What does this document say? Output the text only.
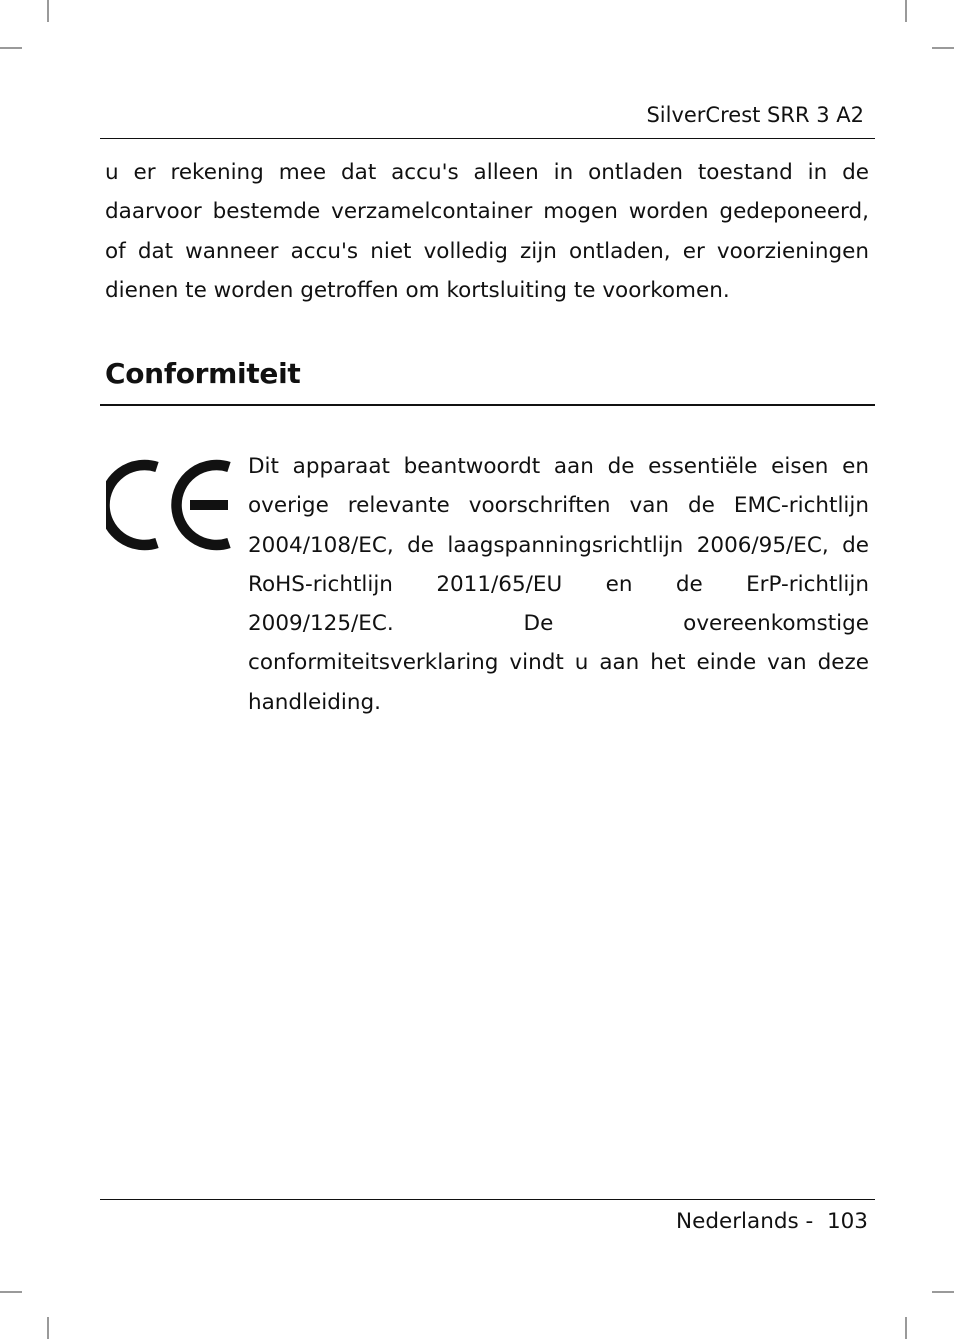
SilverCrest SRR 3 A2

u er rekening mee dat accu's alleen in ontladen toestand in de daarvoor bestemde verzamelcontainer mogen worden gedeponeerd, of dat wanneer accu's niet volledig zijn ontladen, er voorzieningen dienen te worden getroffen om kortsluiting te voorkomen.

Conformiteit

Dit apparaat beantwoordt aan de essentiële eisen en overige relevante voorschriften van de EMC-richtlijn 2004/108/EC, de laagspanningsrichtlijn 2006/95/EC, de RoHS-richtlijn 2011/65/EU en de ErP-richtlijn 2009/125/EC. De overeenkomstige conformiteitsverklaring vindt u aan het einde van deze handleiding.

Nederlands - 103
